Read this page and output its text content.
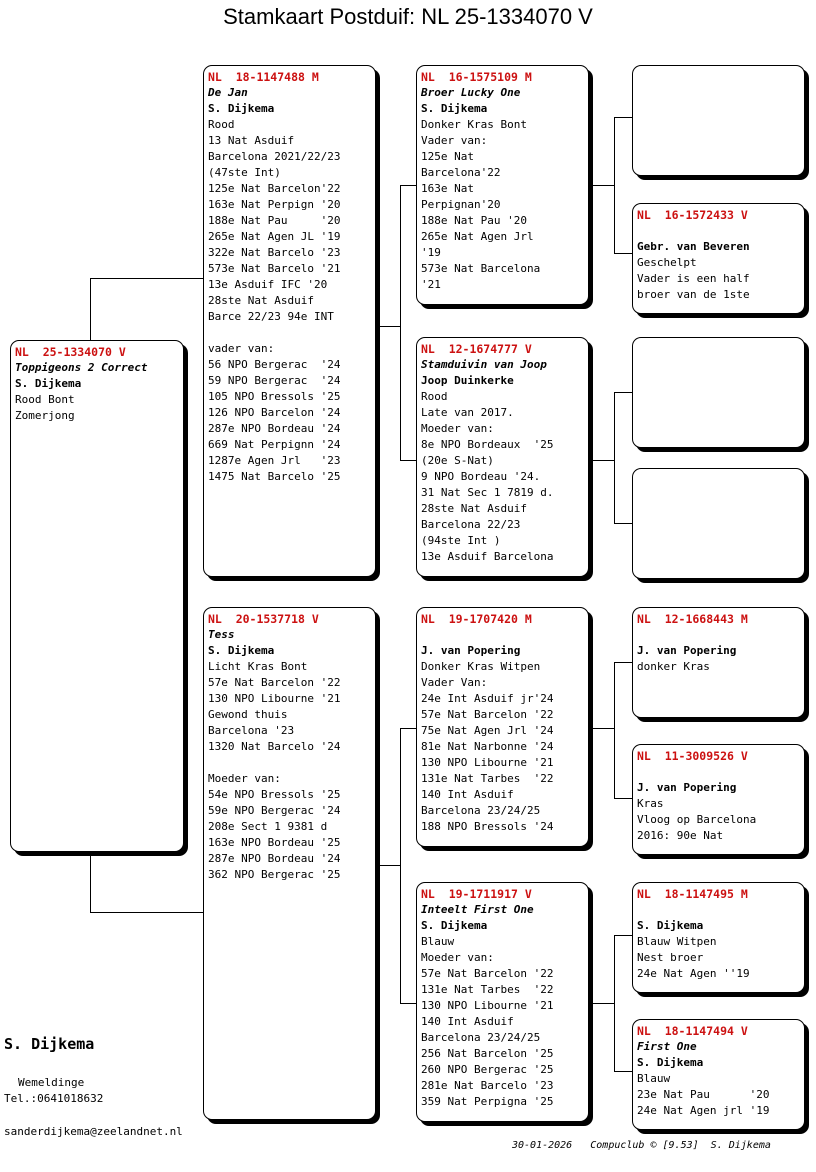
Stamkaart Postduif: NL 25-1334070 V
NL  25-1334070 V
Toppigeons 2 Correct
S. Dijkema
Rood Bont
Zomerjong
NL  18-1147488 M
De Jan
S. Dijkema
Rood
13 Nat Asduif
Barcelona 2021/22/23
(47ste Int)
125e Nat Barcelon'22
163e Nat Perpign '20
188e Nat Pau     '20
265e Nat Agen JL '19
322e Nat Barcelo '23
573e Nat Barcelo '21
13e Asduif IFC '20
28ste Nat Asduif
Barce 22/23 94e INT

vader van:
56 NPO Bergerac  '24
59 NPO Bergerac  '24
105 NPO Bressols '25
126 NPO Barcelon '24
287e NPO Bordeau '24
669 Nat Perpignn '24
1287e Agen Jrl   '23
1475 Nat Barcelo '25
NL  20-1537718 V
Tess
S. Dijkema
Licht Kras Bont
57e Nat Barcelon '22
130 NPO Libourne '21
Gewond thuis
Barcelona '23
1320 Nat Barcelo '24

Moeder van:
54e NPO Bressols '25
59e NPO Bergerac '24
208e Sect 1 9381 d
163e NPO Bordeau '25
287e NPO Bordeau '24
362 NPO Bergerac '25
NL  16-1575109 M
Broer Lucky One
S. Dijkema
Donker Kras Bont
Vader van:
125e Nat
Barcelona'22
163e Nat
Perpignan'20
188e Nat Pau '20
265e Nat Agen Jrl
'19
573e Nat Barcelona
'21
NL  12-1674777 V
Stamduivin van Joop
Joop Duinkerke
Rood
Late van 2017.
Moeder van:
8e NPO Bordeaux  '25
(20e S-Nat)
9 NPO Bordeau '24.
31 Nat Sec 1 7819 d.
28ste Nat Asduif
Barcelona 22/23
(94ste Int )
13e Asduif Barcelona
NL  19-1707420 M

J. van Popering
Donker Kras Witpen
Vader Van:
24e Int Asduif jr'24
57e Nat Barcelon '22
75e Nat Agen Jrl '24
81e Nat Narbonne '24
130 NPO Libourne '21
131e Nat Tarbes  '22
140 Int Asduif
Barcelona 23/24/25
188 NPO Bressols '24
NL  19-1711917 V
Inteelt First One
S. Dijkema
Blauw
Moeder van:
57e Nat Barcelon '22
131e Nat Tarbes  '22
130 NPO Libourne '21
140 Int Asduif
Barcelona 23/24/25
256 Nat Barcelon '25
260 NPO Bergerac '25
281e Nat Barcelo '23
359 Nat Perpigna '25
NL  16-1572433 V

Gebr. van Beveren
Geschelpt
Vader is een half
broer van de 1ste
NL  12-1668443 M

J. van Popering
donker Kras
NL  11-3009526 V

J. van Popering
Kras
Vloog op Barcelona
2016: 90e Nat
NL  18-1147495 M

S. Dijkema
Blauw Witpen
Nest broer
24e Nat Agen ''19
NL  18-1147494 V
First One
S. Dijkema
Blauw
23e Nat Pau      '20
24e Nat Agen jrl '19
S. Dijkema
Wemeldinge
Tel.:0641018632
sanderdijkema@zeelandnet.nl
30-01-2026   Compuclub © [9.53]  S. Dijkema
